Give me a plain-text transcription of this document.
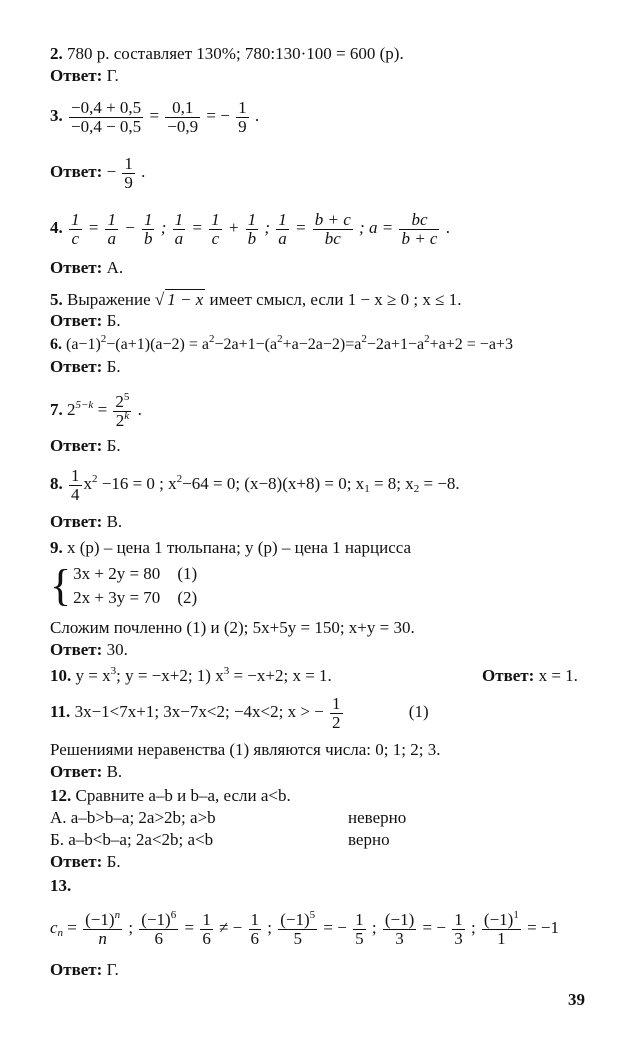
2. 780 р. составляет 130%; 780:130·100 = 600 (р).
Ответ: Г.
3. $\frac{-0,4 + 0,5}{-0,4 - 0,5} = \frac{0,1}{-0,9}$ = − $\frac{1}{9}$ .
Ответ: − $\frac{1}{9}$ .
4. $\frac{1}{c} = \frac{1}{a} - \frac{1}{b}$ ; $\frac{1}{a} = \frac{1}{c} + \frac{1}{b}$ ; $\frac{1}{a} = \frac{b + c}{bc}$ ; $a = \frac{bc}{b + c}$ .
Ответ: А.
5. Выражение √ 1 − x имеет смысл, если 1 − x ≥ 0 ; x ≤ 1.
Ответ: Б.
6. $(a-1)^2-(a+1)(a-2) = a^2-2a+1-(a^2+a-2a-2)=a^2-2a+1-a^2+a+2 = -a+3$
Ответ: Б.
7. $2^{5-k} = \frac{2^5}{2^k}$ .
Ответ: Б.
8. $\frac{1}{4} x^2 -16 = 0$ ; $x^2-64 = 0$; (x−8)(x+8) = 0; $x_1 = 8$; $x_2 = -8$.
Ответ: В.
9. x (р) – цена 1 тюльпана; y (р) – цена 1 нарцисса
{ 3x + 2y = 80 (1)
2x + 3y = 70 (2)
Сложим почленно (1) и (2); 5x+5y = 150; x+y = 30.
Ответ: 30.
10. $y = x^3$; y = −x+2; 1) $x^3 = -x+2$; x = 1.	Ответ: x = 1.
11. 3x−1<7x+1; 3x−7x<2; −4x<2; x > − $\frac{1}{2}$	(1)
Решениями неравенства (1) являются числа: 0; 1; 2; 3.
Ответ: В.
12. Сравните a–b и b–a, если a<b.
А. a–b>b–a; 2a>2b; a>b	неверно
Б. a–b<b–a; 2a<2b; a<b	верно
Ответ: Б.
13.
$c_n = \frac{(-1)^n}{n}$ ; $\frac{(-1)^6}{6} = \frac{1}{6}$ ≠ − $\frac{1}{6}$ ; $\frac{(-1)^5}{5}$ = − $\frac{1}{5}$ ; $\frac{(-1)}{3}$ = − $\frac{1}{3}$ ; $\frac{(-1)^1}{1} = -1$
Ответ: Г.
39
